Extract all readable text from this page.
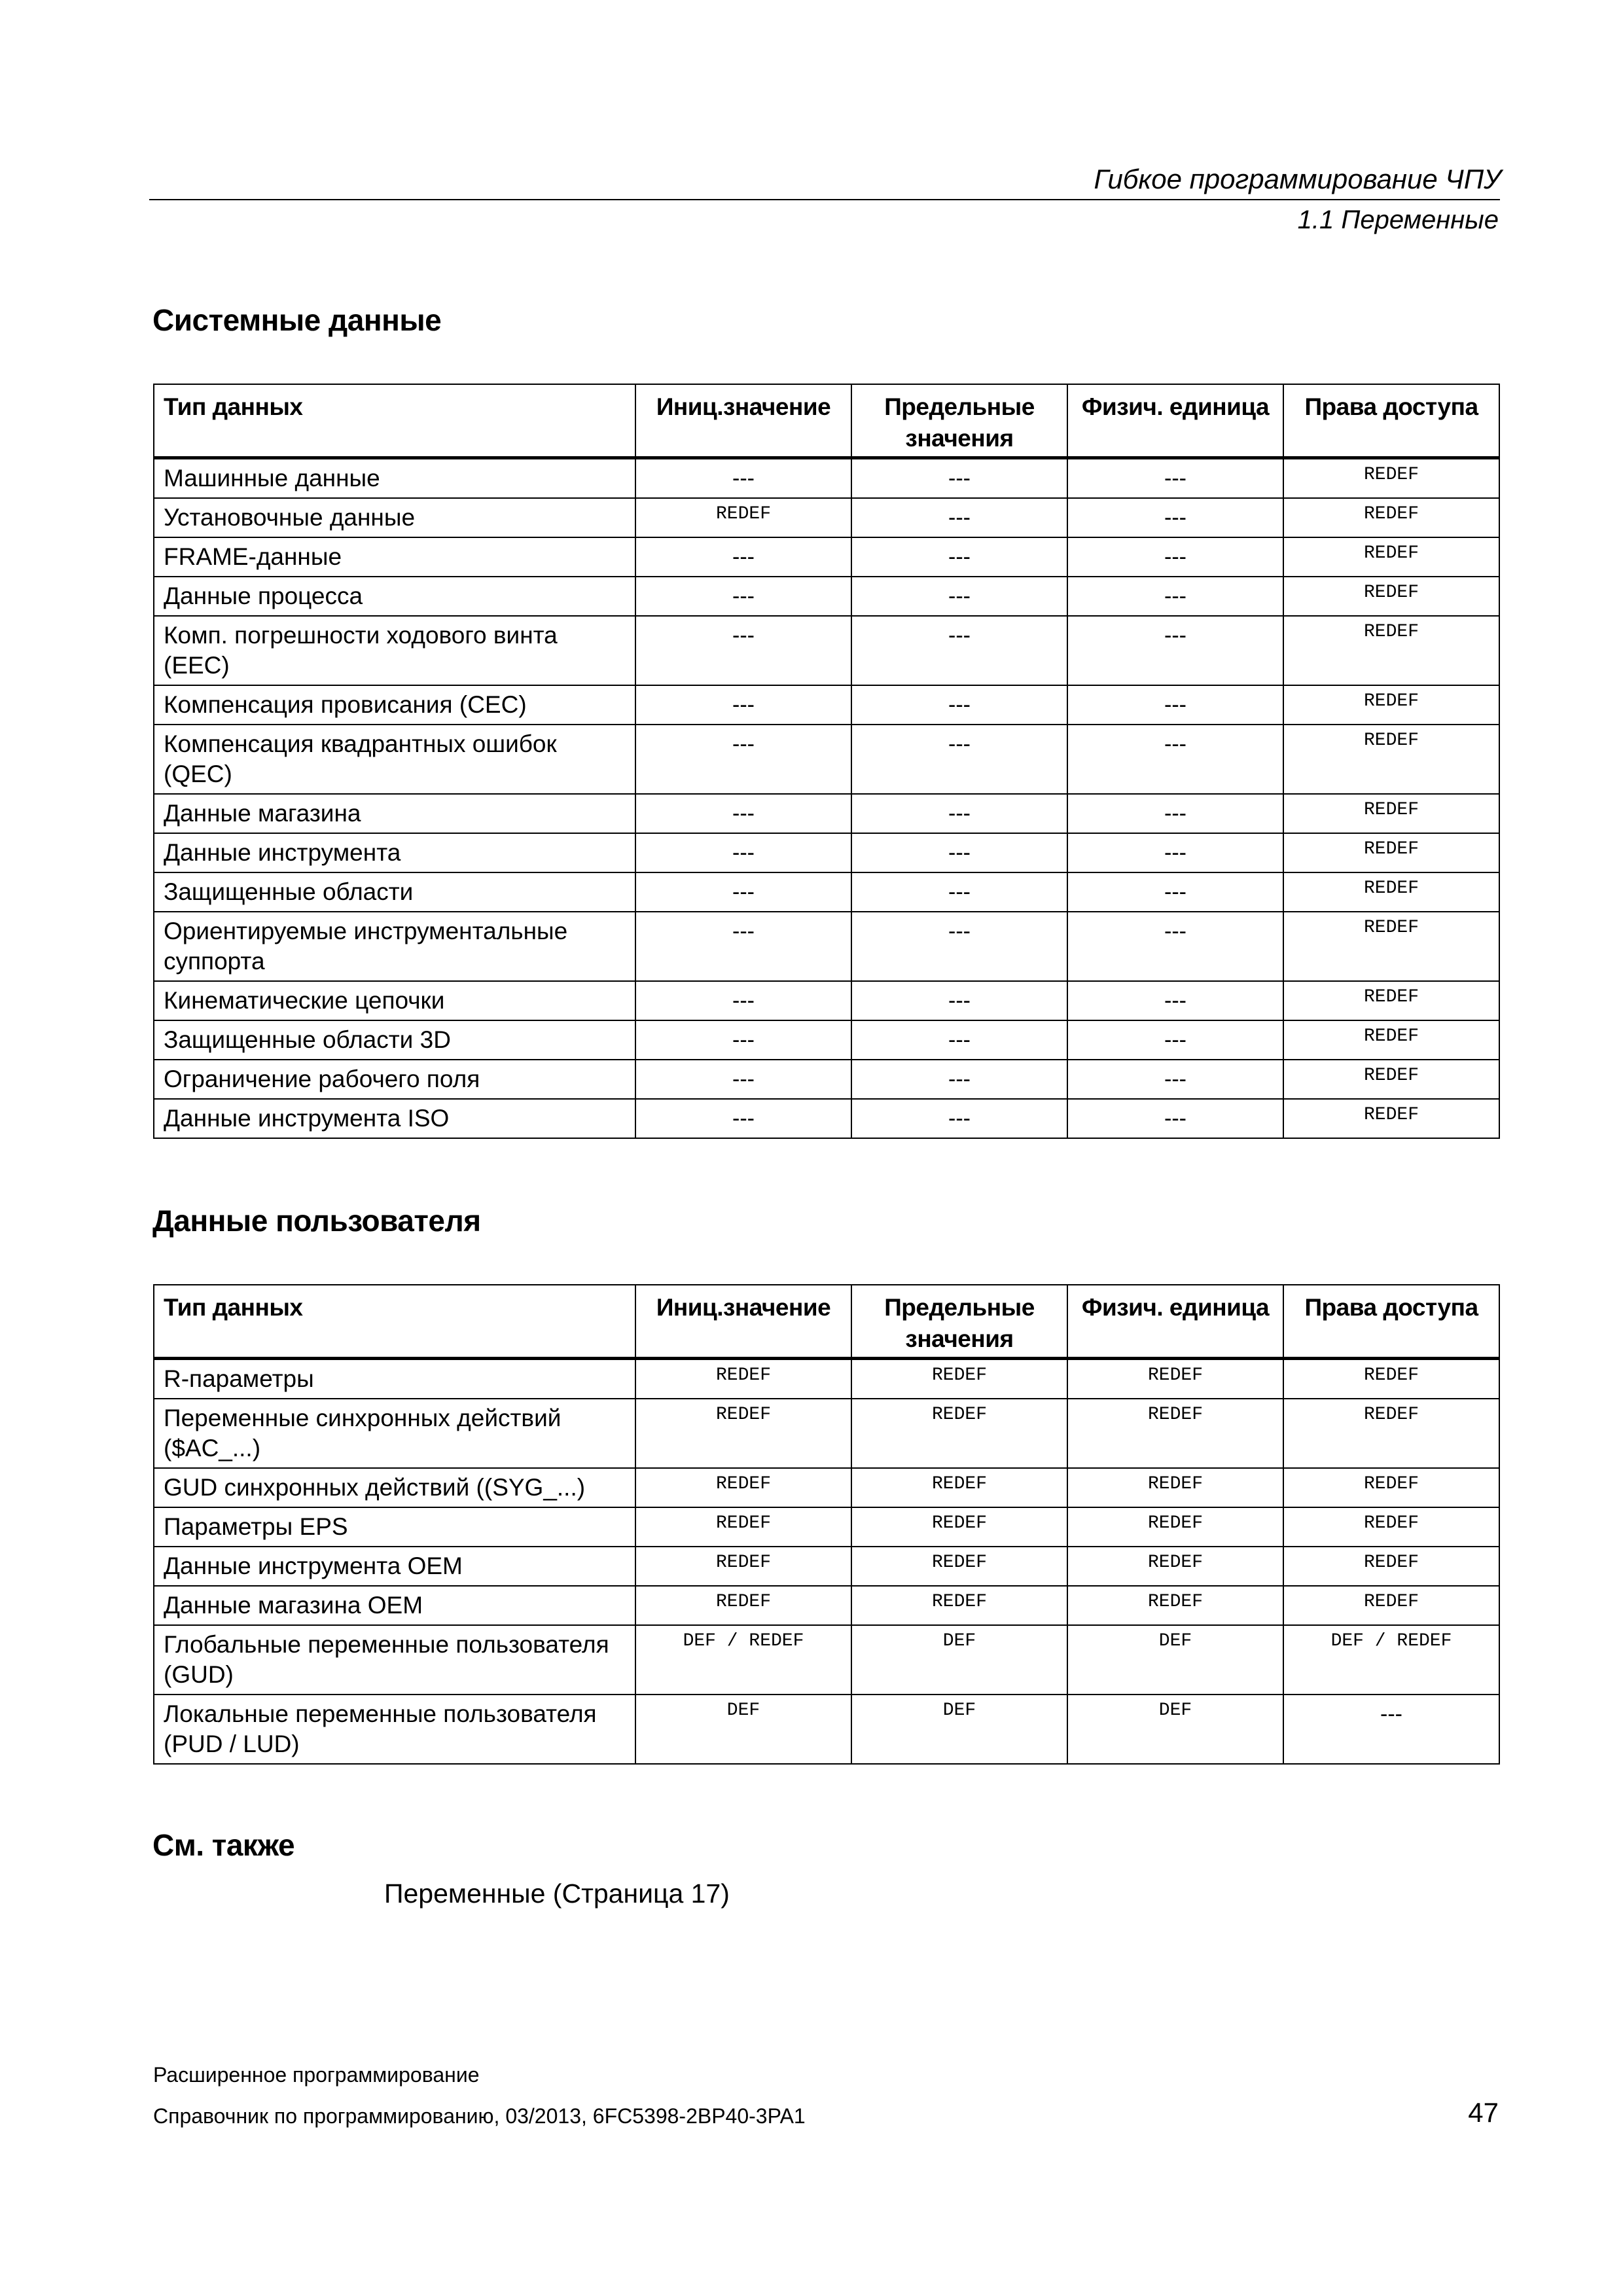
Гибкое программирование ЧПУ
1.1 Переменные
Системные данные
Тип данных	Иниц.значение	Предельные значения	Физич. единица	Права доступа
Машинные данные	---	---	---	REDEF
Установочные данные	REDEF	---	---	REDEF
FRAME-данные	---	---	---	REDEF
Данные процесса	---	---	---	REDEF
Комп. погрешности ходового винта (EEC)	---	---	---	REDEF
Компенсация провисания (CEC)	---	---	---	REDEF
Компенсация квадрантных ошибок (QEC)	---	---	---	REDEF
Данные магазина	---	---	---	REDEF
Данные инструмента	---	---	---	REDEF
Защищенные области	---	---	---	REDEF
Ориентируемые инструментальные суппорта	---	---	---	REDEF
Кинематические цепочки	---	---	---	REDEF
Защищенные области 3D	---	---	---	REDEF
Ограничение рабочего поля	---	---	---	REDEF
Данные инструмента ISO	---	---	---	REDEF
Данные пользователя
Тип данных	Иниц.значение	Предельные значения	Физич. единица	Права доступа
R-параметры	REDEF	REDEF	REDEF	REDEF
Переменные синхронных действий ($AC_...)	REDEF	REDEF	REDEF	REDEF
GUD синхронных действий ((SYG_...)	REDEF	REDEF	REDEF	REDEF
Параметры EPS	REDEF	REDEF	REDEF	REDEF
Данные инструмента OEM	REDEF	REDEF	REDEF	REDEF
Данные магазина OEM	REDEF	REDEF	REDEF	REDEF
Глобальные переменные пользователя (GUD)	DEF / REDEF	DEF	DEF	DEF / REDEF
Локальные переменные пользователя (PUD / LUD)	DEF	DEF	DEF	---
См. также
Переменные (Страница 17)
Расширенное программирование
Справочник по программированию, 03/2013, 6FC5398-2BP40-3PA1	47
